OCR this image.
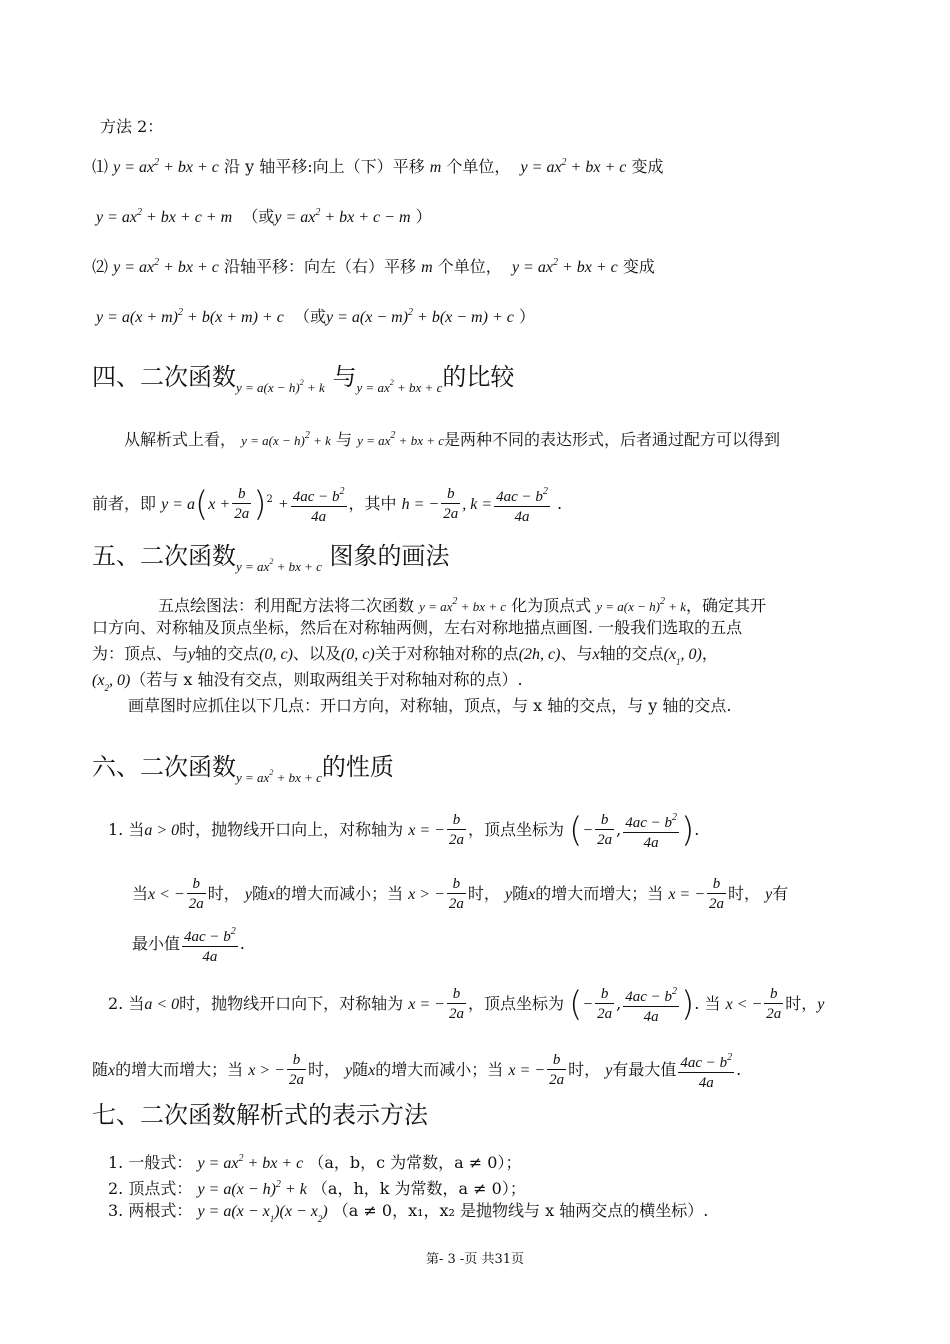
方法 2：
⑴ $y = ax^2$ + bx + c 沿 y 轴平移:向上（下）平移 m 个单位， $y = ax^2$ + bx + c 变成
$y = ax^2$ + bx + c + m （或$y = ax^2$ + bx + c − m ）
⑵ $y = ax^2$ + bx + c 沿轴平移：向左（右）平移 m 个单位， $y = ax^2$ + bx + c 变成
$y = a(x + m)^2 + b(x + m) + c$ （或$y = a(x - m)^2 + b(x - m) + c$ ）
四、二次函数$_{y = a(x - h)^2 + k}$ 与$_{y = ax^2 + bx + c}$的比较
从解析式上看， $y = a(x - h)^2 + k$ 与 $y = ax^2$ + bx + c是两种不同的表达形式，后者通过配方可以得到
前者，即 $y = a(x + \frac{b}{2a} )^2 + \frac{4ac - b^2}{4a}$ ，其中 h = − $\frac{b}{2a}$ , $k = \frac{4ac - b^2}{4a}$ .
五、二次函数$_{y = ax^2 + bx + c}$ 图象的画法
五点绘图法：利用配方法将二次函数 $y = ax^2$ + bx + c 化为顶点式 $y = a(x - h)^2 + k$，确定其开
口方向、对称轴及顶点坐标，然后在对称轴两侧，左右对称地描点画图. 一般我们选取的五点
为：顶点、与y轴的交点(0, c)、以及(0, c)关于对称轴对称的点(2h, c)、与x轴的交点($x_1$, 0)，
($x_2$, 0)（若与 x 轴没有交点，则取两组关于对称轴对称的点）.
画草图时应抓住以下几点：开口方向，对称轴，顶点，与 x 轴的交点，与 y 轴的交点.
六、二次函数$_{y = ax^2 + bx + c}$的性质
1. 当a > 0时，抛物线开口向上，对称轴为 x = − $\frac{b}{2a}$ ，顶点坐标为 (− $\frac{b}{2a}$ , $\frac{4ac - b^2}{4a}$ ).
当x < − $\frac{b}{2a}$ 时， y随x的增大而减小；当 x > − $\frac{b}{2a}$ 时， y随x的增大而增大；当 x = − $\frac{b}{2a}$ 时， y有
最小值 $\frac{4ac - b^2}{4a}$ .
2. 当a < 0时，抛物线开口向下，对称轴为 x = − $\frac{b}{2a}$ ，顶点坐标为 (− $\frac{b}{2a}$ , $\frac{4ac - b^2}{4a}$ ). 当 x < − $\frac{b}{2a}$ 时，y
随x的增大而增大；当 x > − $\frac{b}{2a}$ 时， y随x的增大而减小；当 x = − $\frac{b}{2a}$ 时， y有最大值 $\frac{4ac - b^2}{4a}$ .
七、二次函数解析式的表示方法
1. 一般式： $y = ax^2$ + bx + c （a，b，c 为常数，a ≠ 0）；
2. 顶点式： $y = a(x - h)^2 + k$ （a，h，k 为常数，a ≠ 0）；
3. 两根式： $y = a(x - x_1)(x - x_2)$ （a ≠ 0，x₁，x₂ 是抛物线与 x 轴两交点的横坐标）.
第- 3 -页 共31页
